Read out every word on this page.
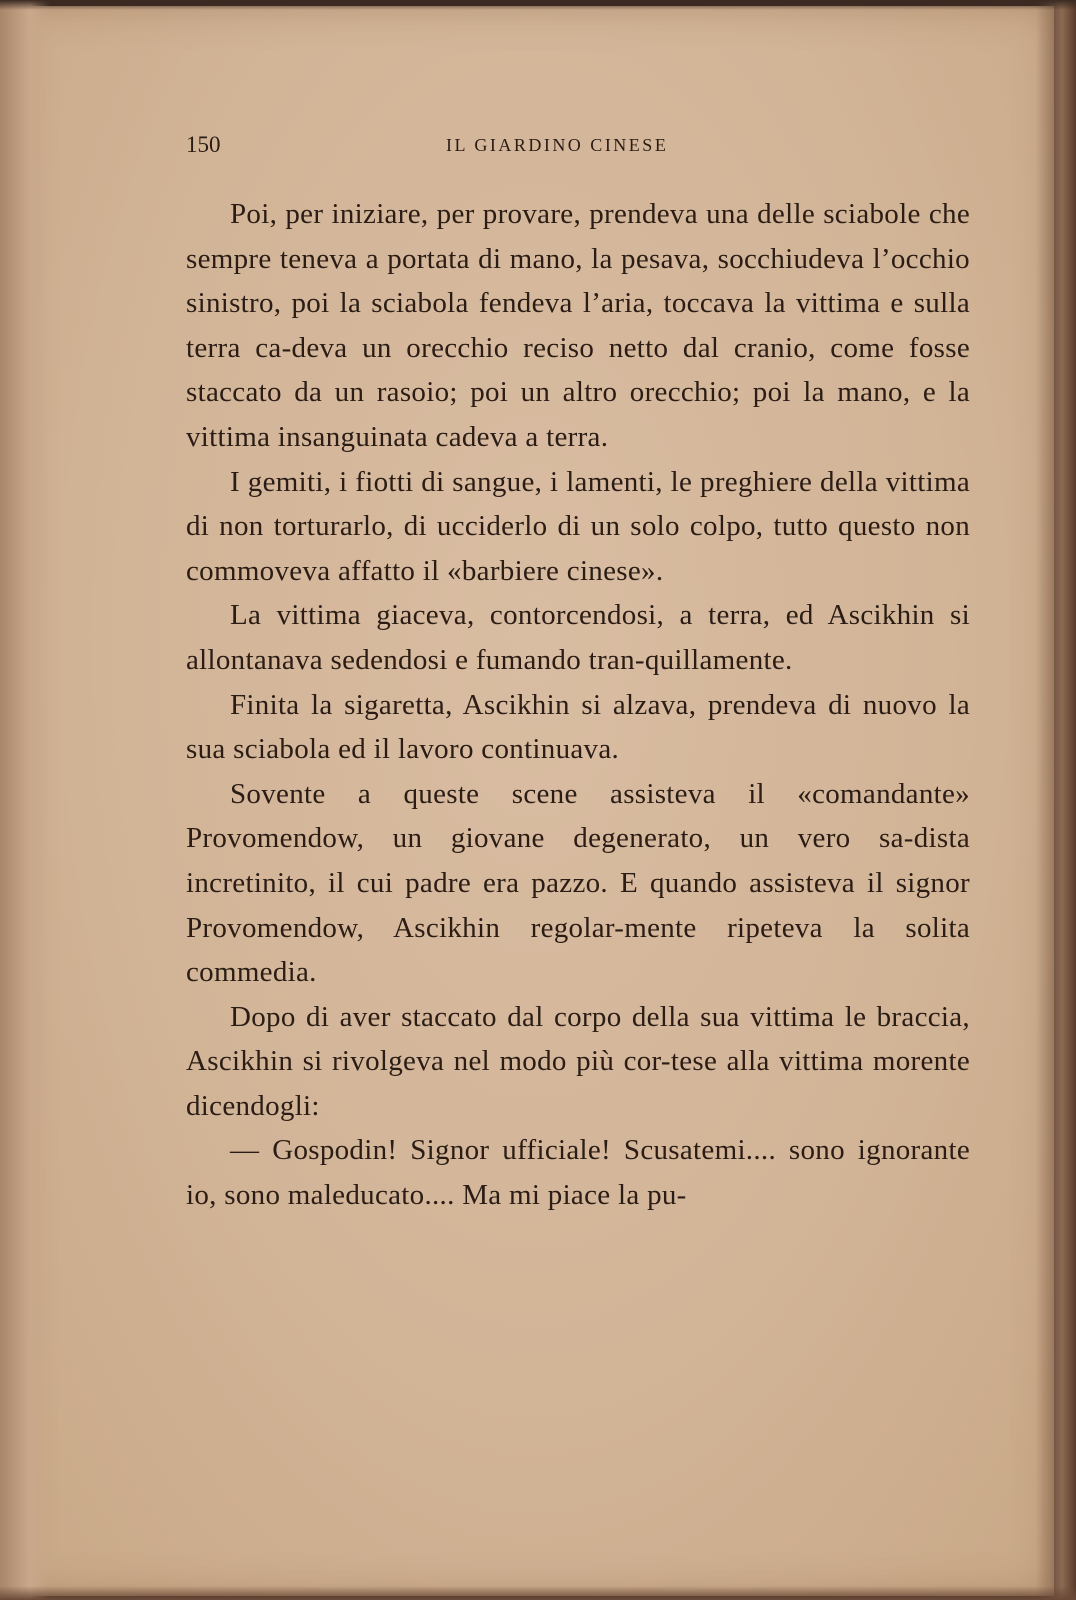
150	IL GIARDINO CINESE

Poi, per iniziare, per provare, prendeva una delle sciabole che sempre teneva a portata di mano, la pesava, socchiudeva l’occhio sinistro, poi la sciabola fendeva l’aria, toccava la vittima e sulla terra ca-deva un orecchio reciso netto dal cranio, come fosse staccato da un rasoio; poi un altro orecchio; poi la mano, e la vittima insanguinata cadeva a terra.

I gemiti, i fiotti di sangue, i lamenti, le preghiere della vittima di non torturarlo, di ucciderlo di un solo colpo, tutto questo non commoveva affatto il «barbiere cinese».

La vittima giaceva, contorcendosi, a terra, ed Ascikhin si allontanava sedendosi e fumando tran-quillamente.

Finita la sigaretta, Ascikhin si alzava, prendeva di nuovo la sua sciabola ed il lavoro continuava.

Sovente a queste scene assisteva il «comandante» Provomendow, un giovane degenerato, un vero sa-dista incretinito, il cui padre era pazzo. E quando assisteva il signor Provomendow, Ascikhin regolar-mente ripeteva la solita commedia.

Dopo di aver staccato dal corpo della sua vittima le braccia, Ascikhin si rivolgeva nel modo più cor-tese alla vittima morente dicendogli:

— Gospodin! Signor ufficiale! Scusatemi.... sono ignorante io, sono maleducato.... Ma mi piace la pu-
